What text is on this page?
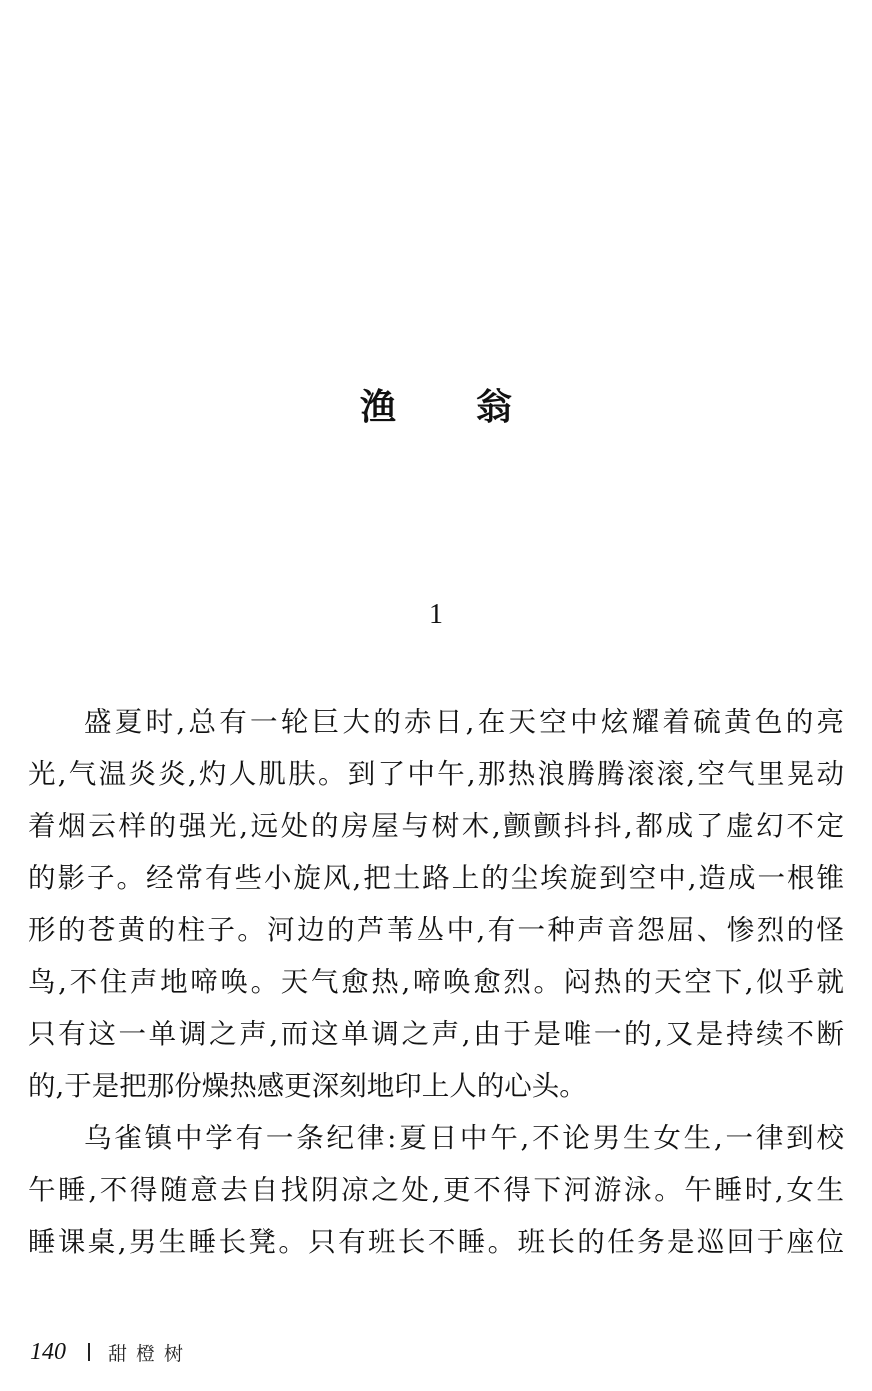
渔 翁
1
盛夏时,总有一轮巨大的赤日,在天空中炫耀着硫黄色的亮
光,气温炎炎,灼人肌肤。到了中午,那热浪腾腾滚滚,空气里晃动
着烟云样的强光,远处的房屋与树木,颤颤抖抖,都成了虚幻不定
的影子。经常有些小旋风,把土路上的尘埃旋到空中,造成一根锥
形的苍黄的柱子。河边的芦苇丛中,有一种声音怨屈、惨烈的怪
鸟,不住声地啼唤。天气愈热,啼唤愈烈。闷热的天空下,似乎就
只有这一单调之声,而这单调之声,由于是唯一的,又是持续不断
的,于是把那份燥热感更深刻地印上人的心头。
乌雀镇中学有一条纪律:夏日中午,不论男生女生,一律到校
午睡,不得随意去自找阴凉之处,更不得下河游泳。午睡时,女生
睡课桌,男生睡长凳。只有班长不睡。班长的任务是巡回于座位
140 甜橙树
